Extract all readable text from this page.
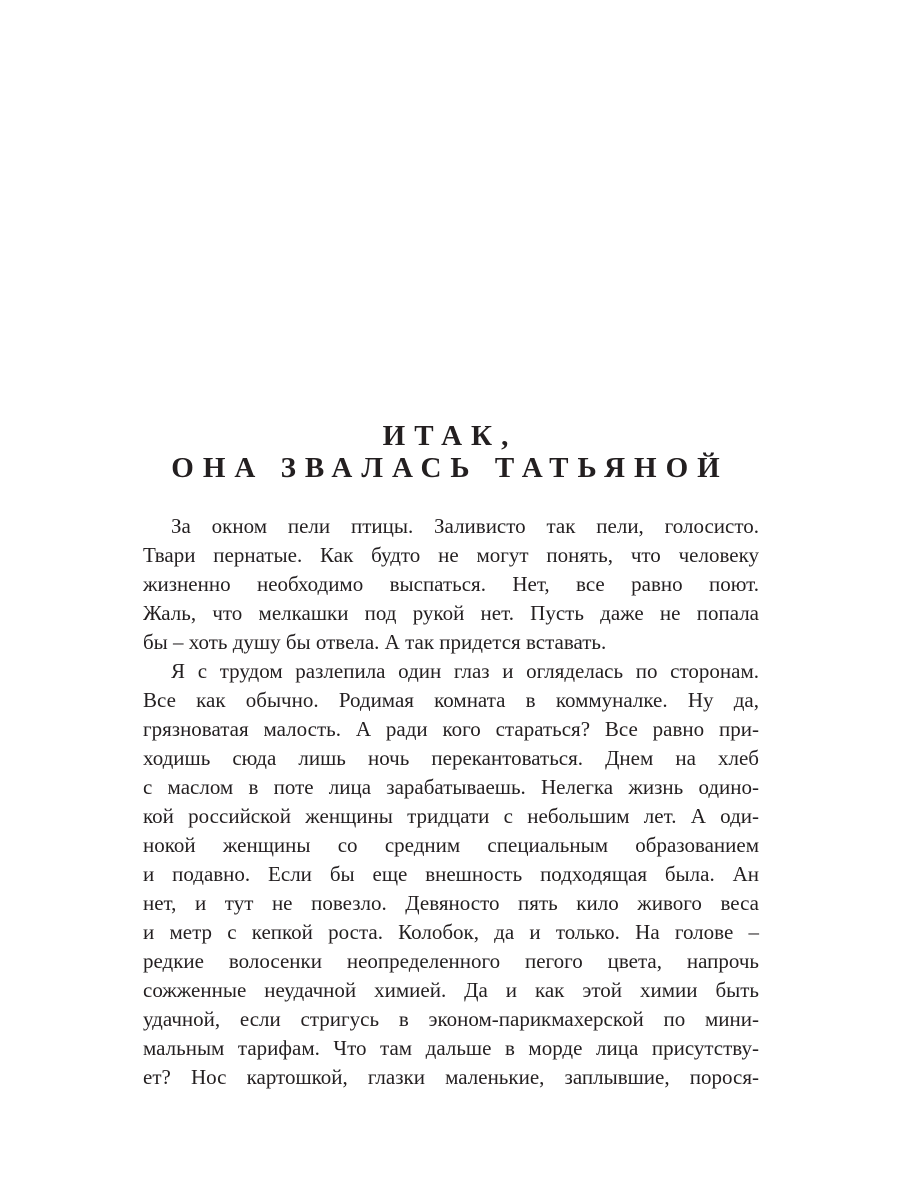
ИТАК,
ОНА ЗВАЛАСЬ ТАТЬЯНОЙ
За окном пели птицы. Заливисто так пели, голосисто.
Твари пернатые. Как будто не могут понять, что человеку
жизненно необходимо выспаться. Нет, все равно поют.
Жаль, что мелкашки под рукой нет. Пусть даже не попала
бы – хоть душу бы отвела. А так придется вставать.
Я с трудом разлепила один глаз и огляделась по сторонам.
Все как обычно. Родимая комната в коммуналке. Ну да,
грязноватая малость. А ради кого стараться? Все равно при-
ходишь сюда лишь ночь перекантоваться. Днем на хлеб
с маслом в поте лица зарабатываешь. Нелегка жизнь одино-
кой российской женщины тридцати с небольшим лет. А оди-
нокой женщины со средним специальным образованием
и подавно. Если бы еще внешность подходящая была. Ан
нет, и тут не повезло. Девяносто пять кило живого веса
и метр с кепкой роста. Колобок, да и только. На голове –
редкие волосенки неопределенного пегого цвета, напрочь
сожженные неудачной химией. Да и как этой химии быть
удачной, если стригусь в эконом-парикмахерской по мини-
мальным тарифам. Что там дальше в морде лица присутству-
ет? Нос картошкой, глазки маленькие, заплывшие, порося-
